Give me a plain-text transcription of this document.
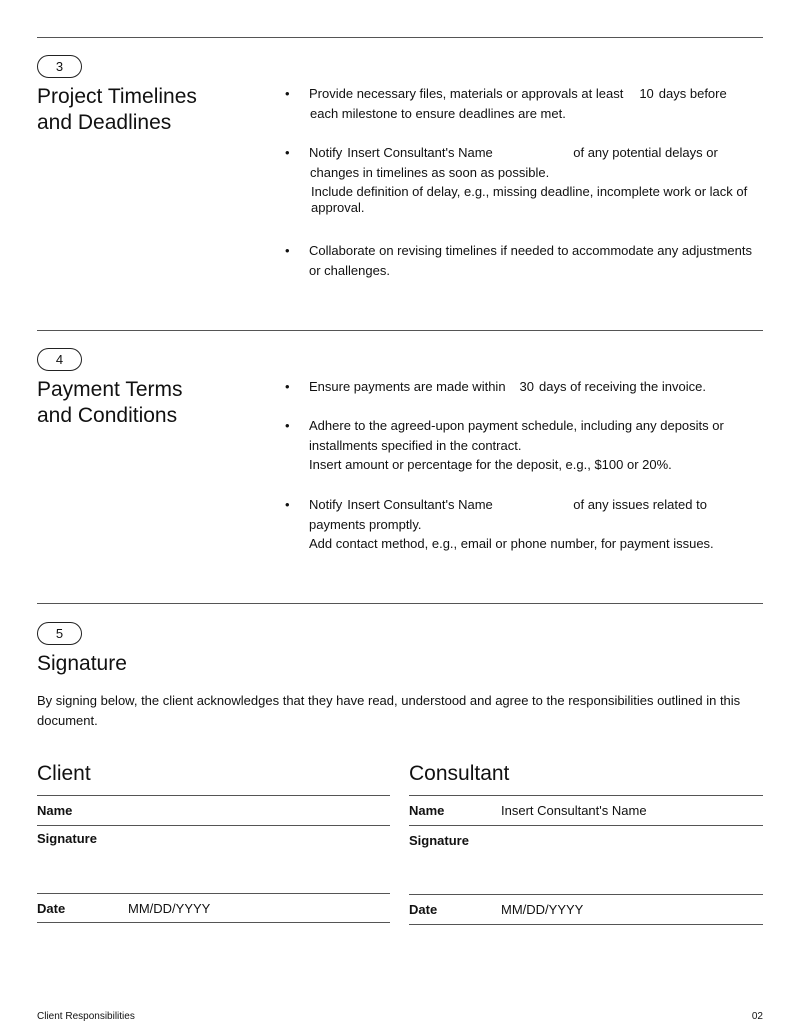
3
Project Timelines
and Deadlines
• Provide necessary files, materials or approvals at least 10 days before
each milestone to ensure deadlines are met.
• Notify Insert Consultant's Name	of any potential delays or
changes in timelines as soon as possible.
Include definition of delay, e.g., missing deadline, incomplete work or lack of
approval.
• Collaborate on revising timelines if needed to accommodate any adjustments
or challenges.
4
Payment Terms
and Conditions
• Ensure payments are made within 30 days of receiving the invoice.
• Adhere to the agreed-upon payment schedule, including any deposits or
installments specified in the contract.
Insert amount or percentage for the deposit, e.g., $100 or 20%.
• Notify Insert Consultant's Name	of any issues related to
payments promptly.
Add contact method, e.g., email or phone number, for payment issues.
5
Signature
By signing below, the client acknowledges that they have read, understood and agree to the responsibilities outlined in this
document.
Client
Name
Signature
Date	MM/DD/YYYY
Consultant
Name	Insert Consultant's Name
Signature
Date	MM/DD/YYYY
Client Responsibilities	02
